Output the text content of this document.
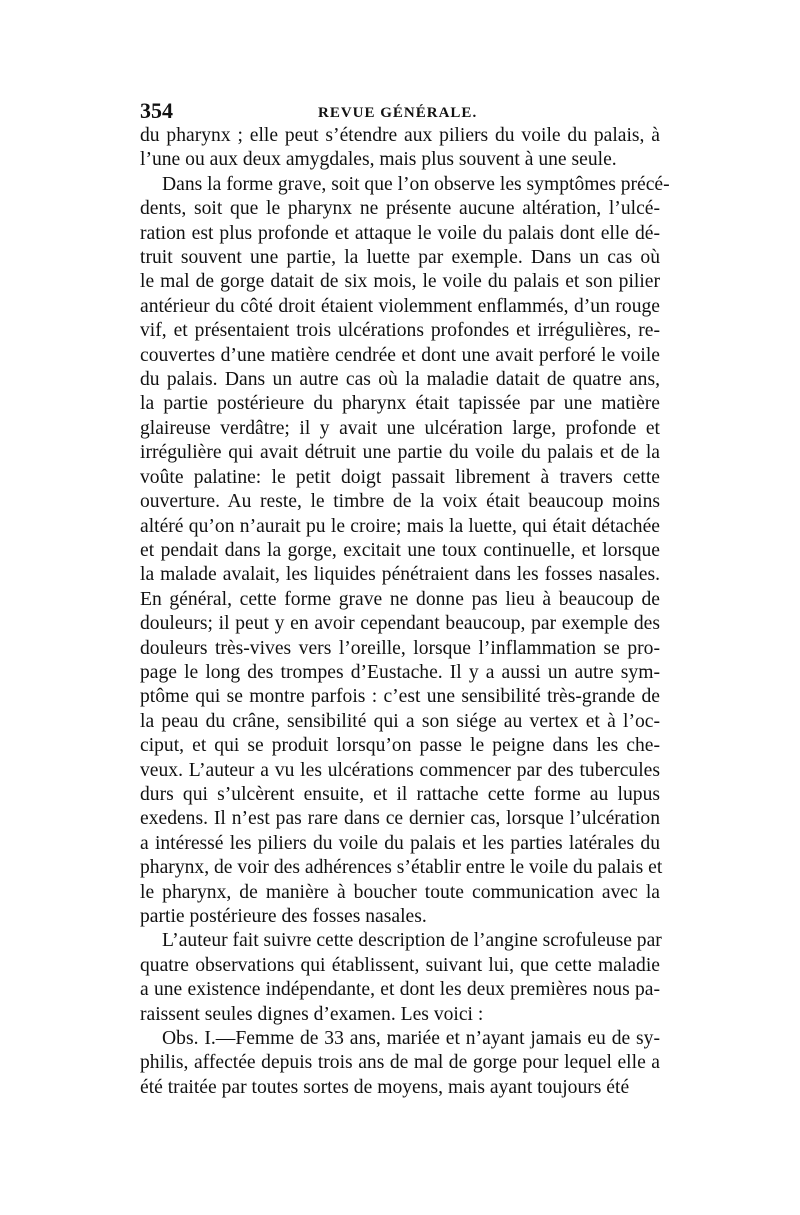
354	REVUE GÉNÉRALE.

du pharynx ; elle peut s’étendre aux piliers du voile du palais, à
l’une ou aux deux amygdales, mais plus souvent à une seule.

Dans la forme grave, soit que l’on observe les symptômes précé-
dents, soit que le pharynx ne présente aucune altération, l’ulcé-
ration est plus profonde et attaque le voile du palais dont elle dé-
truit souvent une partie, la luette par exemple. Dans un cas où
le mal de gorge datait de six mois, le voile du palais et son pilier
antérieur du côté droit étaient violemment enflammés, d’un rouge
vif, et présentaient trois ulcérations profondes et irrégulières, re-
couvertes d’une matière cendrée et dont une avait perforé le voile
du palais. Dans un autre cas où la maladie datait de quatre ans,
la partie postérieure du pharynx était tapissée par une matière
glaireuse verdâtre; il y avait une ulcération large, profonde et
irrégulière qui avait détruit une partie du voile du palais et de la
voûte palatine: le petit doigt passait librement à travers cette
ouverture. Au reste, le timbre de la voix était beaucoup moins
altéré qu’on n’aurait pu le croire; mais la luette, qui était détachée
et pendait dans la gorge, excitait une toux continuelle, et lorsque
la malade avalait, les liquides pénétraient dans les fosses nasales.
En général, cette forme grave ne donne pas lieu à beaucoup de
douleurs; il peut y en avoir cependant beaucoup, par exemple des
douleurs très-vives vers l’oreille, lorsque l’inflammation se pro-
page le long des trompes d’Eustache. Il y a aussi un autre sym-
ptôme qui se montre parfois : c’est une sensibilité très-grande de
la peau du crâne, sensibilité qui a son siége au vertex et à l’oc-
ciput, et qui se produit lorsqu’on passe le peigne dans les che-
veux. L’auteur a vu les ulcérations commencer par des tubercules
durs qui s’ulcèrent ensuite, et il rattache cette forme au lupus
exedens. Il n’est pas rare dans ce dernier cas, lorsque l’ulcération
a intéressé les piliers du voile du palais et les parties latérales du
pharynx, de voir des adhérences s’établir entre le voile du palais et
le pharynx, de manière à boucher toute communication avec la
partie postérieure des fosses nasales.

L’auteur fait suivre cette description de l’angine scrofuleuse par
quatre observations qui établissent, suivant lui, que cette maladie
a une existence indépendante, et dont les deux premières nous pa-
raissent seules dignes d’examen. Les voici :

Obs. I.—Femme de 33 ans, mariée et n’ayant jamais eu de sy-
philis, affectée depuis trois ans de mal de gorge pour lequel elle a
été traitée par toutes sortes de moyens, mais ayant toujours été
